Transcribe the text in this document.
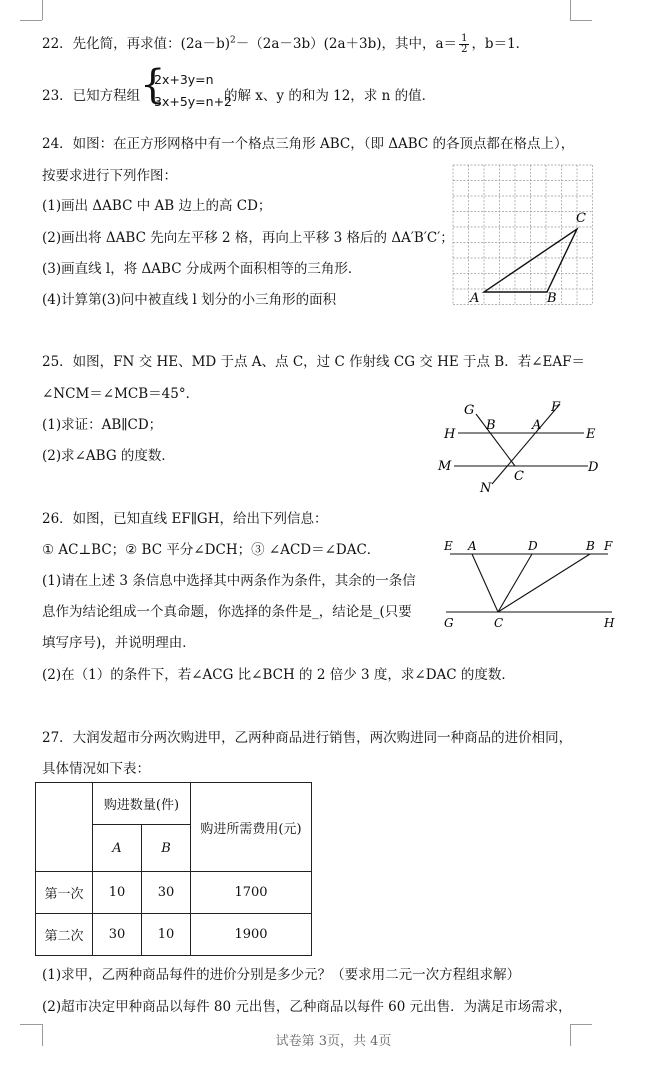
22．先化简，再求值：$(2a-b)^2-(2a-3b)(2a+3b)$，其中，$a= \frac{1}{2}$ ，b＝1．
23．已知方程组 {
2x+3y=n
3x+5y=n+2
的解 x、y 的和为 12，求 n 的值．
24．如图：在正方形网格中有一个格点三角形 ABC，（即 ΔABC 的各顶点都在格点上），
按要求进行下列作图：
(1)画出 ΔABC 中 AB 边上的高 CD；
(2)画出将 ΔABC 先向左平移 2 格，再向上平移 3 格后的 ΔA′B′C′；
(3)画直线 l，将 ΔABC 分成两个面积相等的三角形．
(4)计算第(3)问中被直线 l 划分的小三角形的面积	A	B
C
25．如图，FN 交 HE、MD 于点 A、点 C，过 C 作射线 CG 交 HE 于点 B．若∠EAF＝
∠NCM＝∠MCB＝45°．
(1)求证：AB∥CD；
(2)求∠ABG 的度数．
G	F
H
B	A
E
M	D
C
N
26．如图，已知直线 EF∥GH，给出下列信息：
① AC⊥BC；② BC 平分∠DCH；③ ∠ACD＝∠DAC．
(1)请在上述 3 条信息中选择其中两条作为条件，其余的一条信
息作为结论组成一个真命题，你选择的条件是_，结论是_(只要
填写序号)，并说明理由．
(2)在（1）的条件下，若∠ACG 比∠BCH 的 2 倍少 3 度，求∠DAC 的度数．
E A	D	B F
G	C	H
27．大润发超市分两次购进甲，乙两种商品进行销售，两次购进同一种商品的进价相同，
具体情况如下表：
	购进数量(件)		购进所需费用(元)
	A	B	
第一次	10	30	1700
第二次	30	10	1900
(1)求甲，乙两种商品每件的进价分别是多少元？（要求用二元一次方程组求解）
(2)超市决定甲种商品以每件 80 元出售，乙种商品以每件 60 元出售．为满足市场需求，
试卷第 3页，共 4页
